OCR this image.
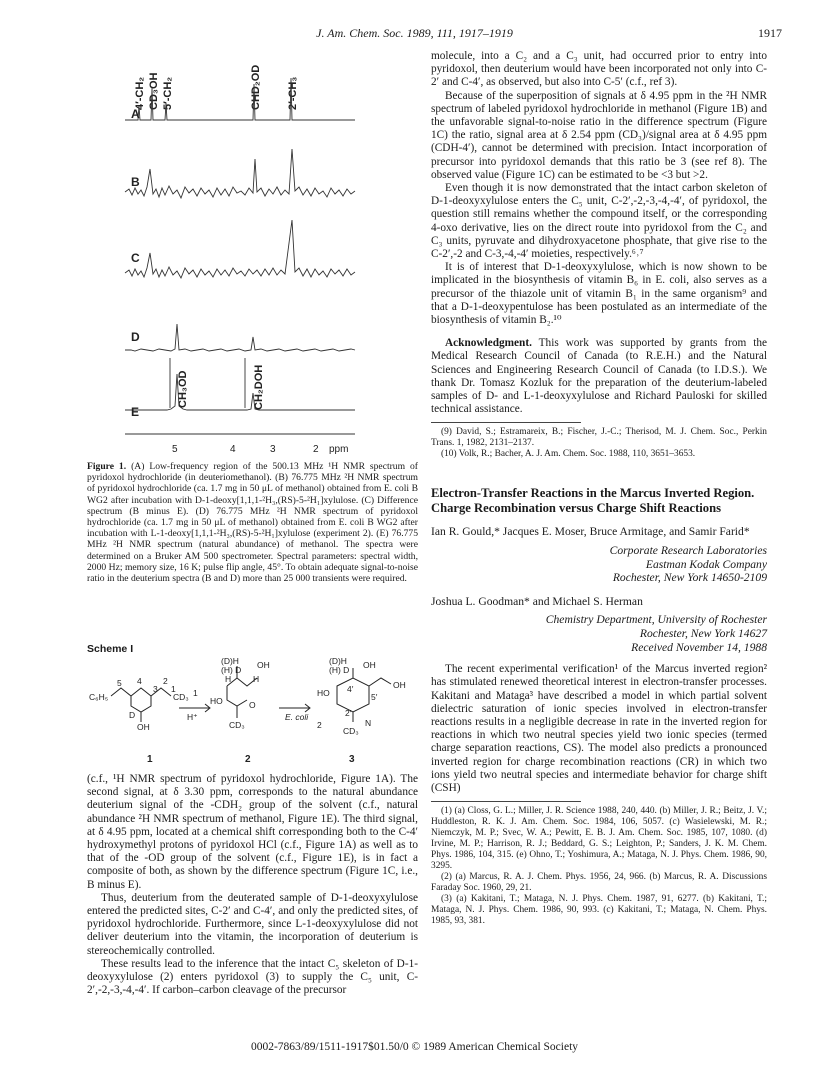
J. Am. Chem. Soc. 1989, 111, 1917–1919	1917
4′-CH₂ CD₃OH 5′-CH₂	CHD₂OD 2′-CH₃
A
B
C
D
E
CH₃OD	CH₂DOH
5	4	3	2 ppm
Figure 1. (A) Low-frequency region of the 500.13 MHz ¹H NMR spectrum of pyridoxol hydrochloride (in deuteriomethanol). (B) 76.775 MHz ²H NMR spectrum of pyridoxol hydrochloride (ca. 1.7 mg in 50 μL of methanol) obtained from E. coli B WG2 after incubation with D-1-deoxy[1,1,1-²H₃,(RS)-5-²H₁]xylulose. (C) Difference spectrum (B minus E). (D) 76.775 MHz ²H NMR spectrum of pyridoxol hydrochloride (ca. 1.7 mg in 50 μL of methanol) obtained from E. coli B WG2 after incubation with L-1-deoxy[1,1,1-²H₃,(RS)-5-²H₁]xylulose (experiment 2). (E) 76.775 MHz ²H NMR spectrum (natural abundance) of methanol. The spectra were determined on a Bruker AM 500 spectrometer. Spectral parameters: spectral width, 2000 Hz; memory size, 16 K; pulse flip angle, 45°. To obtain adequate signal-to-noise ratio in the deuterium spectra (B and D) more than 25 000 transients were required.
Scheme I
(D)H
(H) D OH
C₆H₅	CD₃
D
OH
H⁺
1
HO
H	H
CD₃
O
E. coli
2
HO
N
CD₃
OH
(D)H
(H) D OH
5 4
3
2
1
5′
4′
2′
1	2	3

(c.f., ¹H NMR spectrum of pyridoxol hydrochloride, Figure 1A). The second signal, at δ 3.30 ppm, corresponds to the natural abundance deuterium signal of the -CDH₂ group of the solvent (c.f., natural abundance ²H NMR spectrum of methanol, Figure 1E). The third signal, at δ 4.95 ppm, located at a chemical shift corresponding both to the C-4′ hydroxymethyl protons of pyridoxol HCl (c.f., Figure 1A) as well as to that of the -OD group of the solvent (c.f., Figure 1E), is in fact a composite of both, as shown by the difference spectrum (Figure 1C, i.e., B minus E).

Thus, deuterium from the deuterated sample of D-1-deoxyxylulose entered the predicted sites, C-2′ and C-4′, and only the predicted sites, of pyridoxol hydrochloride. Furthermore, since L-1-deoxyxylulose did not deliver deuterium into the vitamin, the incorporation of deuterium is stereochemically controlled.

These results lead to the inference that the intact C₅ skeleton of D-1-deoxyxylulose (2) enters pyridoxol (3) to supply the C₅ unit, C-2′,-2,-3,-4,-4′. If carbon–carbon cleavage of the precursor

molecule, into a C₂ and a C₃ unit, had occurred prior to entry into pyridoxol, then deuterium would have been incorporated not only into C-2′ and C-4′, as observed, but also into C-5′ (c.f., ref 3).

Because of the superposition of signals at δ 4.95 ppm in the ²H NMR spectrum of labeled pyridoxol hydrochloride in methanol (Figure 1B) and the unfavorable signal-to-noise ratio in the difference spectrum (Figure 1C) the ratio, signal area at δ 2.54 ppm (CD₃)/signal area at δ 4.95 ppm (CDH-4′), cannot be determined with precision. Intact incorporation of precursor into pyridoxol demands that this ratio be 3 (see ref 8). The observed value (Figure 1C) can be estimated to be <3 but >2.

Even though it is now demonstrated that the intact carbon skeleton of D-1-deoxyxylulose enters the C₅ unit, C-2′,-2,-3,-4,-4′, of pyridoxol, the question still remains whether the compound itself, or the corresponding 4-oxo derivative, lies on the direct route into pyridoxol from the C₂ and C₃ units, pyruvate and dihydroxyacetone phosphate, that give rise to the C-2′,-2 and C-3,-4,-4′ moieties, respectively.⁶˒⁷

It is of interest that D-1-deoxyxylulose, which is now shown to be implicated in the biosynthesis of vitamin B₆ in E. coli, also serves as a precursor of the thiazole unit of vitamin B₁ in the same organism⁹ and that a D-1-deoxypentulose has been postulated as an intermediate of the biosynthesis of vitamin B₂.¹⁰

Acknowledgment. This work was supported by grants from the Medical Research Council of Canada (to R.E.H.) and the Natural Sciences and Engineering Research Council of Canada (to I.D.S.). We thank Dr. Tomasz Kozluk for the preparation of the deuterium-labeled samples of D- and L-1-deoxyxylulose and Richard Pauloski for skilled technical assistance.

(9) David, S.; Estramareix, B.; Fischer, J.-C.; Therisod, M. J. Chem. Soc., Perkin Trans. 1, 1982, 2131–2137.
(10) Volk, R.; Bacher, A. J. Am. Chem. Soc. 1988, 110, 3651–3653.
Electron-Transfer Reactions in the Marcus Inverted Region. Charge Recombination versus Charge Shift Reactions
Ian R. Gould,* Jacques E. Moser, Bruce Armitage, and Samir Farid*
Corporate Research Laboratories
Eastman Kodak Company
Rochester, New York 14650-2109
Joshua L. Goodman* and Michael S. Herman
Chemistry Department, University of Rochester
Rochester, New York 14627
Received November 14, 1988

The recent experimental verification¹ of the Marcus inverted region² has stimulated renewed theoretical interest in electron-transfer processes. Kakitani and Mataga³ have described a model in which partial solvent dielectric saturation of ionic species involved in electron-transfer reactions results in a negligible decrease in rate in the inverted region for reactions in which two neutral species yield two ionic species (termed charge separation reactions, CS). The model also predicts a pronounced inverted region for charge recombination reactions (CR) in which two ions yield two neutral species and intermediate behavior for charge shift (CSH)

(1) (a) Closs, G. L.; Miller, J. R. Science 1988, 240, 440. (b) Miller, J. R.; Beitz, J. V.; Huddleston, R. K. J. Am. Chem. Soc. 1984, 106, 5057. (c) Wasielewski, M. R.; Niemczyk, M. P.; Svec, W. A.; Pewitt, E. B. J. Am. Chem. Soc. 1985, 107, 1080. (d) Irvine, M. P.; Harrison, R. J.; Beddard, G. S.; Leighton, P.; Sanders, J. K. M. Chem. Phys. 1986, 104, 315. (e) Ohno, T.; Yoshimura, A.; Mataga, N. J. Phys. Chem. 1986, 90, 3295.
(2) (a) Marcus, R. A. J. Chem. Phys. 1956, 24, 966. (b) Marcus, R. A. Discussions Faraday Soc. 1960, 29, 21.
(3) (a) Kakitani, T.; Mataga, N. J. Phys. Chem. 1987, 91, 6277. (b) Kakitani, T.; Mataga, N. J. Phys. Chem. 1986, 90, 993. (c) Kakitani, T.; Mataga, N. Chem. Phys. 1985, 93, 381.
0002-7863/89/1511-1917$01.50/0 © 1989 American Chemical Society
